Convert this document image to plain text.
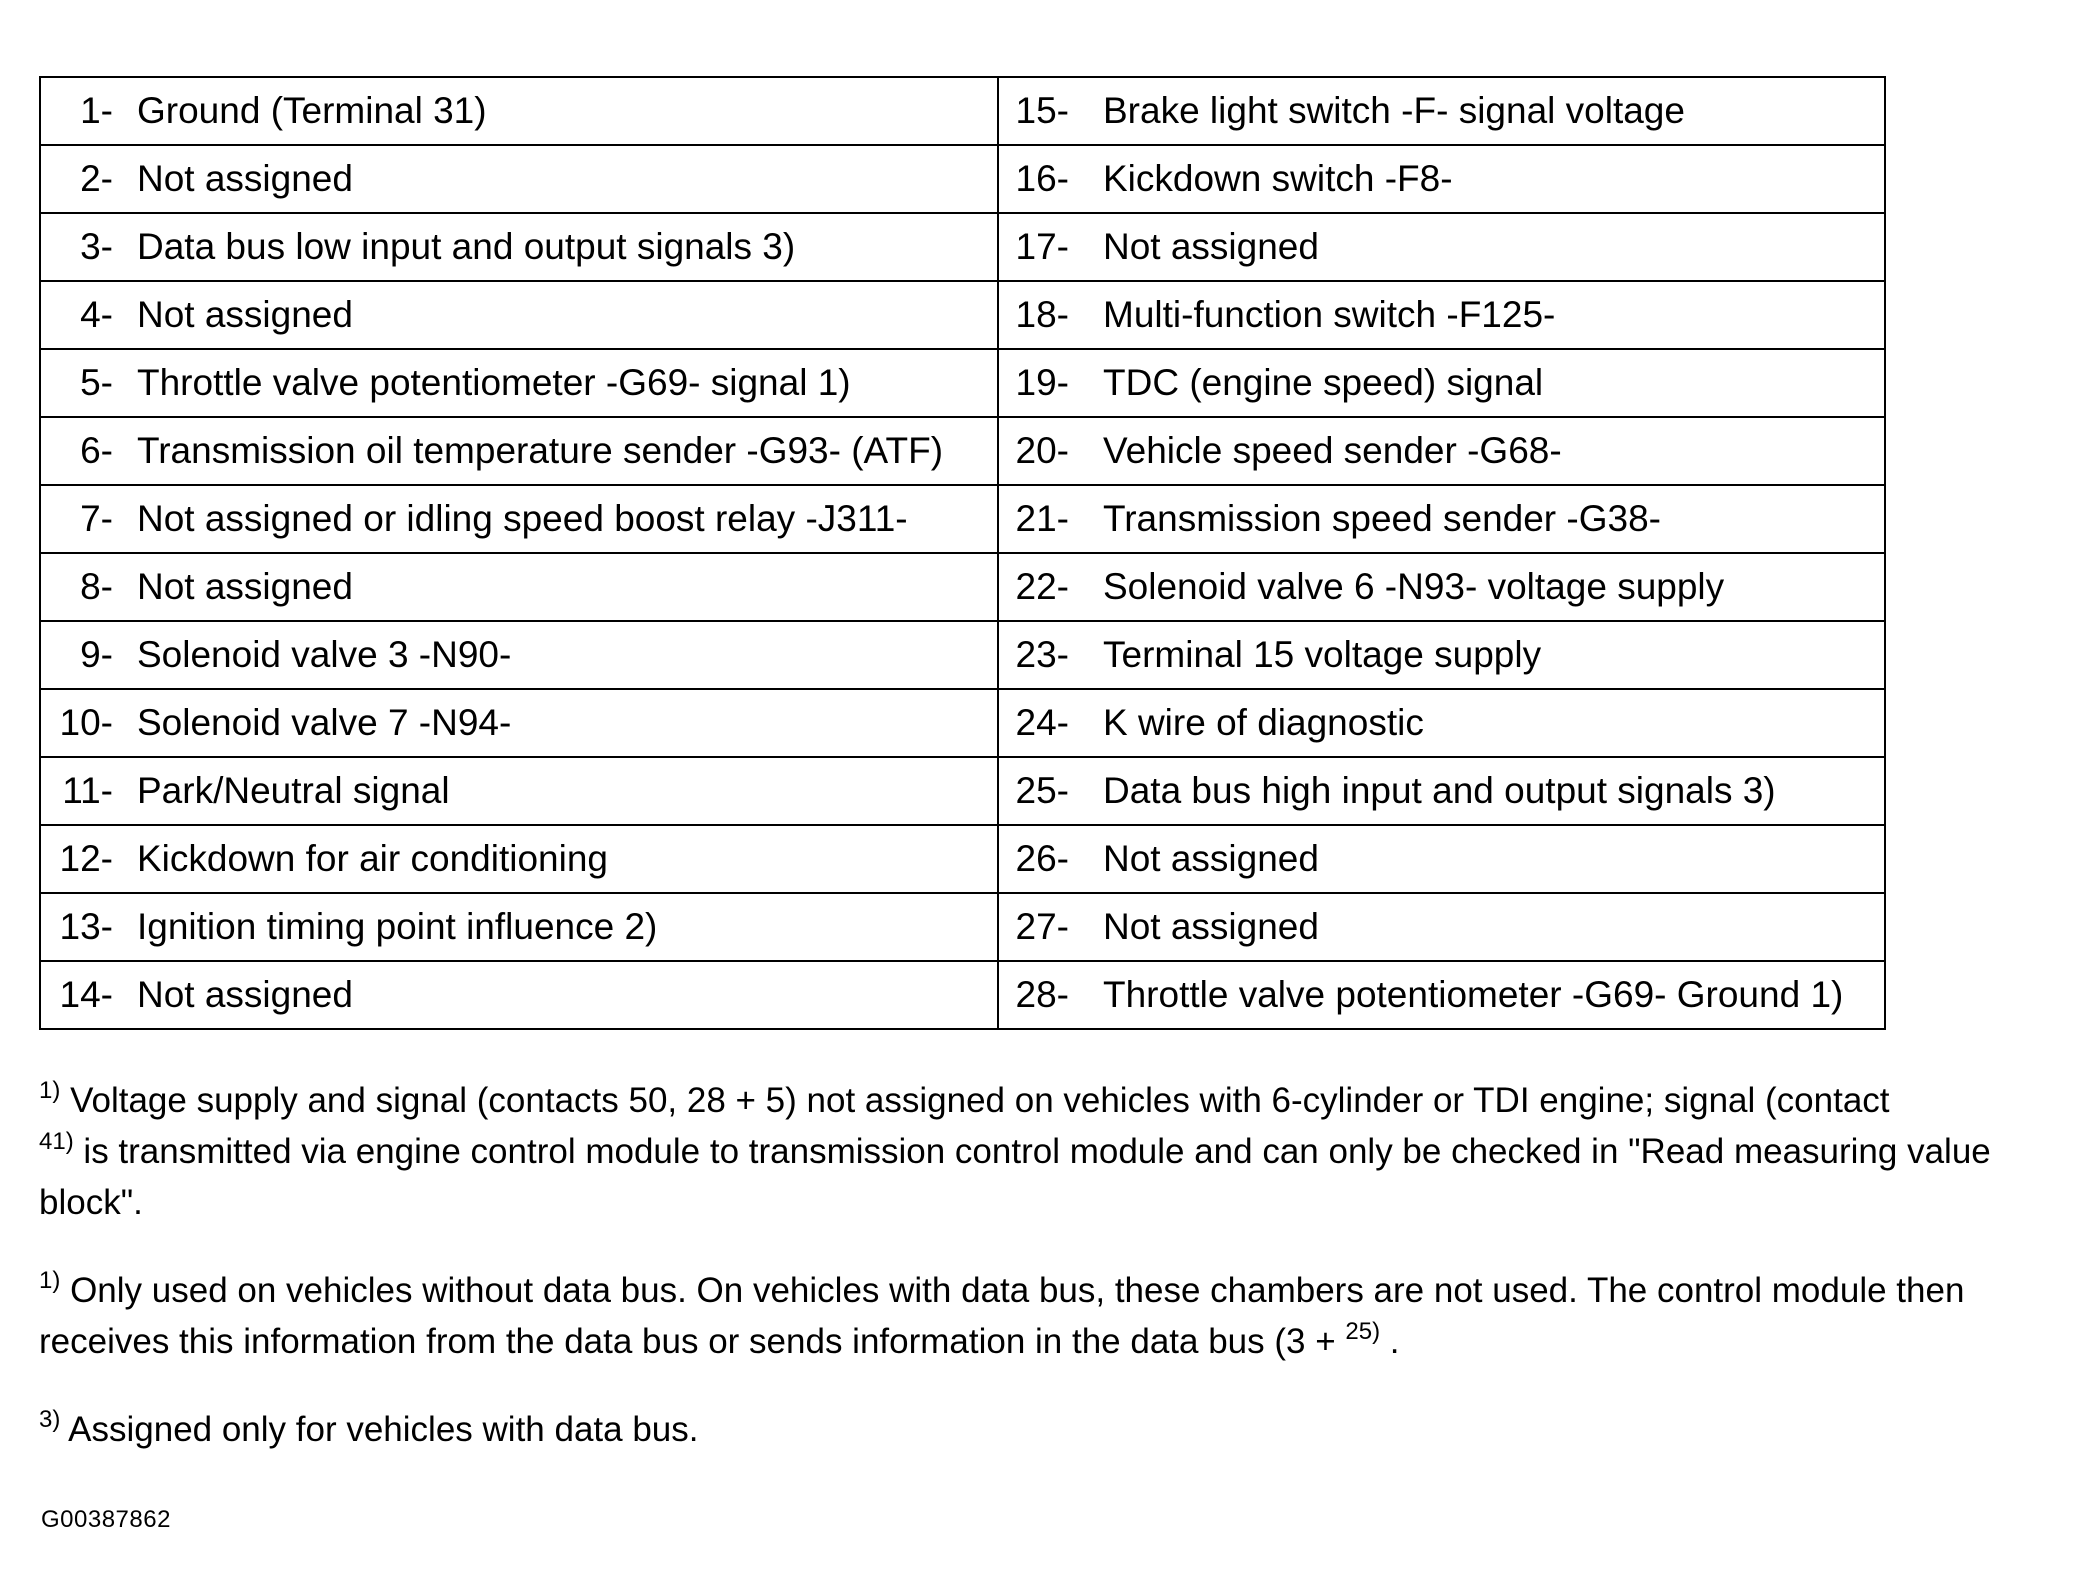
1- Ground (Terminal 31)	15- Brake light switch -F- signal voltage

2- Not assigned	16- Kickdown switch -F8-

3- Data bus low input and output signals 3)	17- Not assigned

4- Not assigned	18- Multi-function switch -F125-

5- Throttle valve potentiometer -G69- signal 1)	19- TDC (engine speed) signal

6- Transmission oil temperature sender -G93- (ATF)	20- Vehicle speed sender -G68-

7- Not assigned or idling speed boost relay -J311-	21- Transmission speed sender -G38-

8- Not assigned	22- Solenoid valve 6 -N93- voltage supply

9- Solenoid valve 3 -N90-	23- Terminal 15 voltage supply

10- Solenoid valve 7 -N94-	24- K wire of diagnostic

11- Park/Neutral signal	25- Data bus high input and output signals 3)

12- Kickdown for air conditioning	26- Not assigned

13- Ignition timing point influence 2)	27- Not assigned

14- Not assigned	28- Throttle valve potentiometer -G69- Ground 1)
$^{1)}$ Voltage supply and signal (contacts 50, 28 + 5) not assigned on vehicles with 6-cylinder or TDI engine; signal (contact
$^{41)}$ is transmitted via engine control module to transmission control module and can only be checked in "Read measuring value block".
$^{1)}$ Only used on vehicles without data bus. On vehicles with data bus, these chambers are not used. The control module then receives this information from the data bus or sends information in the data bus (3 + $^{25)}$ .
$^{3)}$ Assigned only for vehicles with data bus.
G00387862
